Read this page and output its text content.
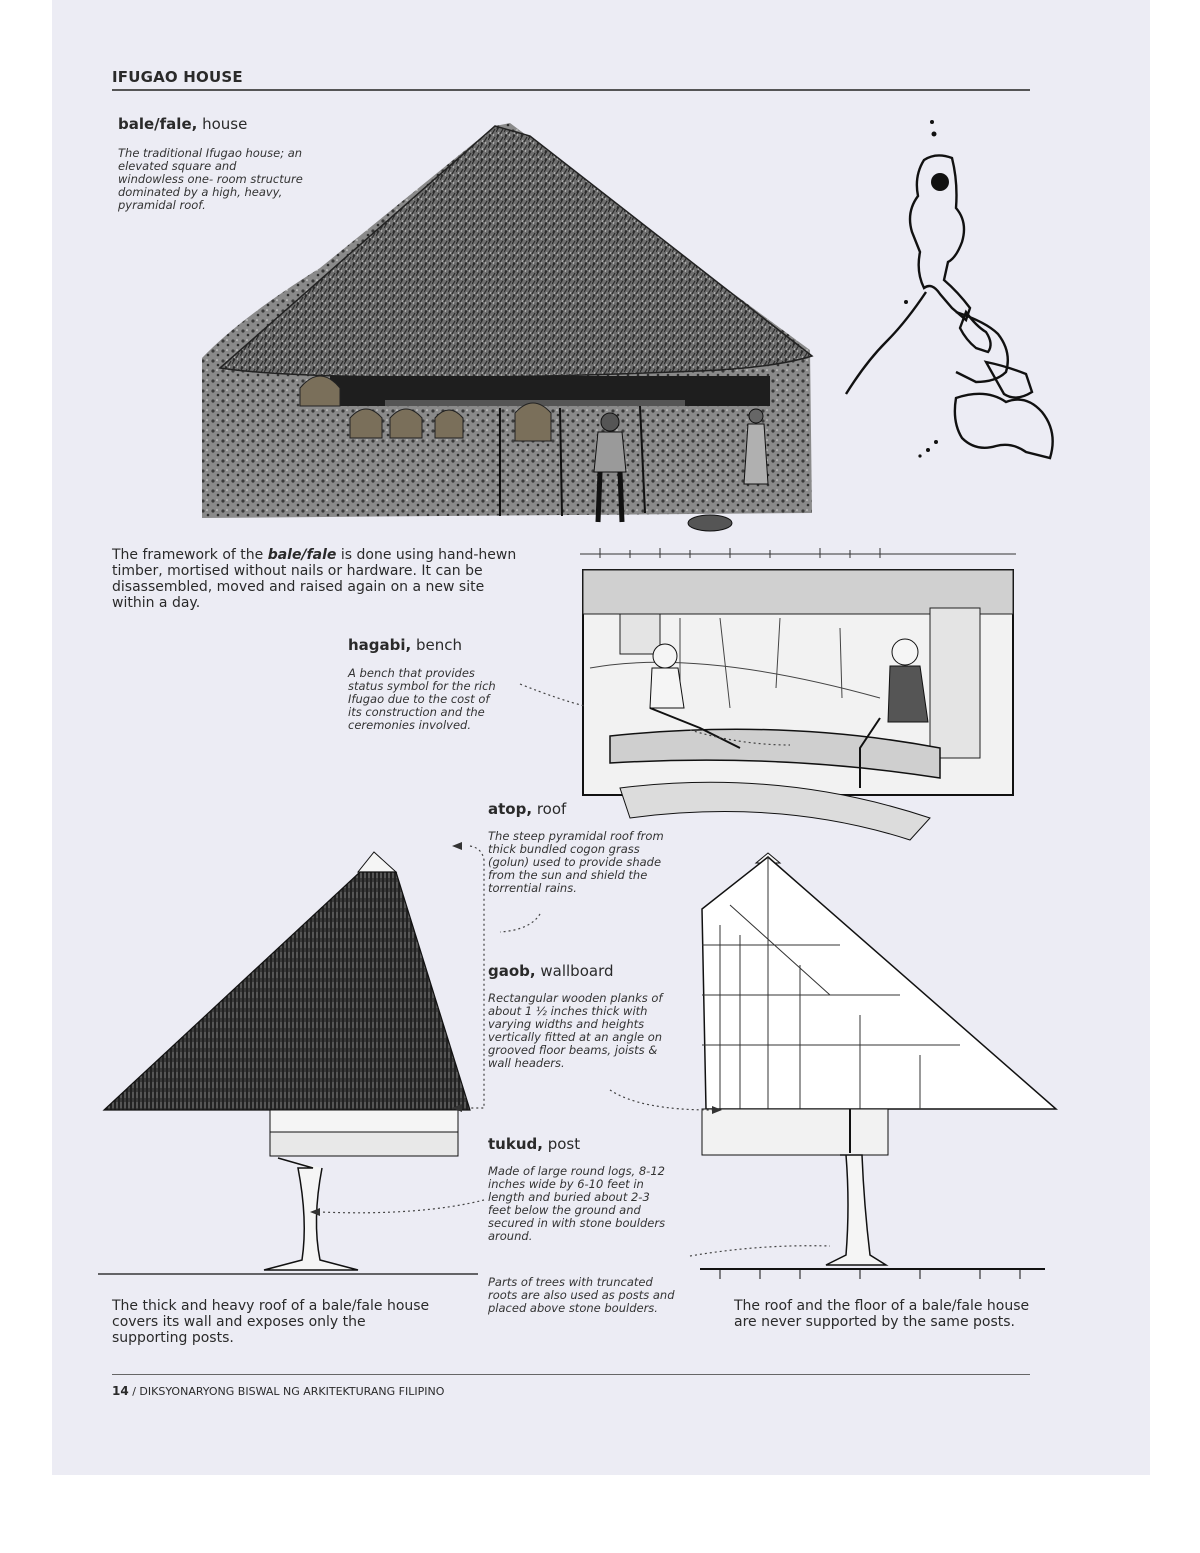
IFUGAO HOUSE
bale/fale, house
The traditional Ifugao house; an
elevated square and
windowless one- room structure
dominated by a high, heavy,
pyramidal roof.
The framework of the bale/fale is done using hand-hewn
timber, mortised without nails or hardware. It can be
disassembled, moved and raised again on a new site
within a day.
hagabi, bench
A bench that provides
status symbol for the rich
Ifugao due to the cost of
its construction and the
ceremonies involved.
atop, roof
The steep pyramidal roof from
thick bundled cogon grass
(golun) used to provide shade
from the sun and shield the
torrential rains.
gaob, wallboard
Rectangular wooden planks of
about 1 ½ inches thick with
varying widths and heights
vertically fitted at an angle on
grooved floor beams, joists &
wall headers.
tukud, post
Made of large round logs, 8-12
inches wide by 6-10 feet in
length and buried about 2-3
feet below the ground and
secured in with stone boulders
around.
Parts of trees with truncated
roots are also used as posts and
placed above stone boulders.
The thick and heavy roof of a bale/fale house
covers its wall and exposes only the
supporting posts.
The roof and the floor of a bale/fale house
are never supported by the same posts.
14 / DIKSYONARYONG BISWAL NG ARKITEKTURANG FILIPINO
